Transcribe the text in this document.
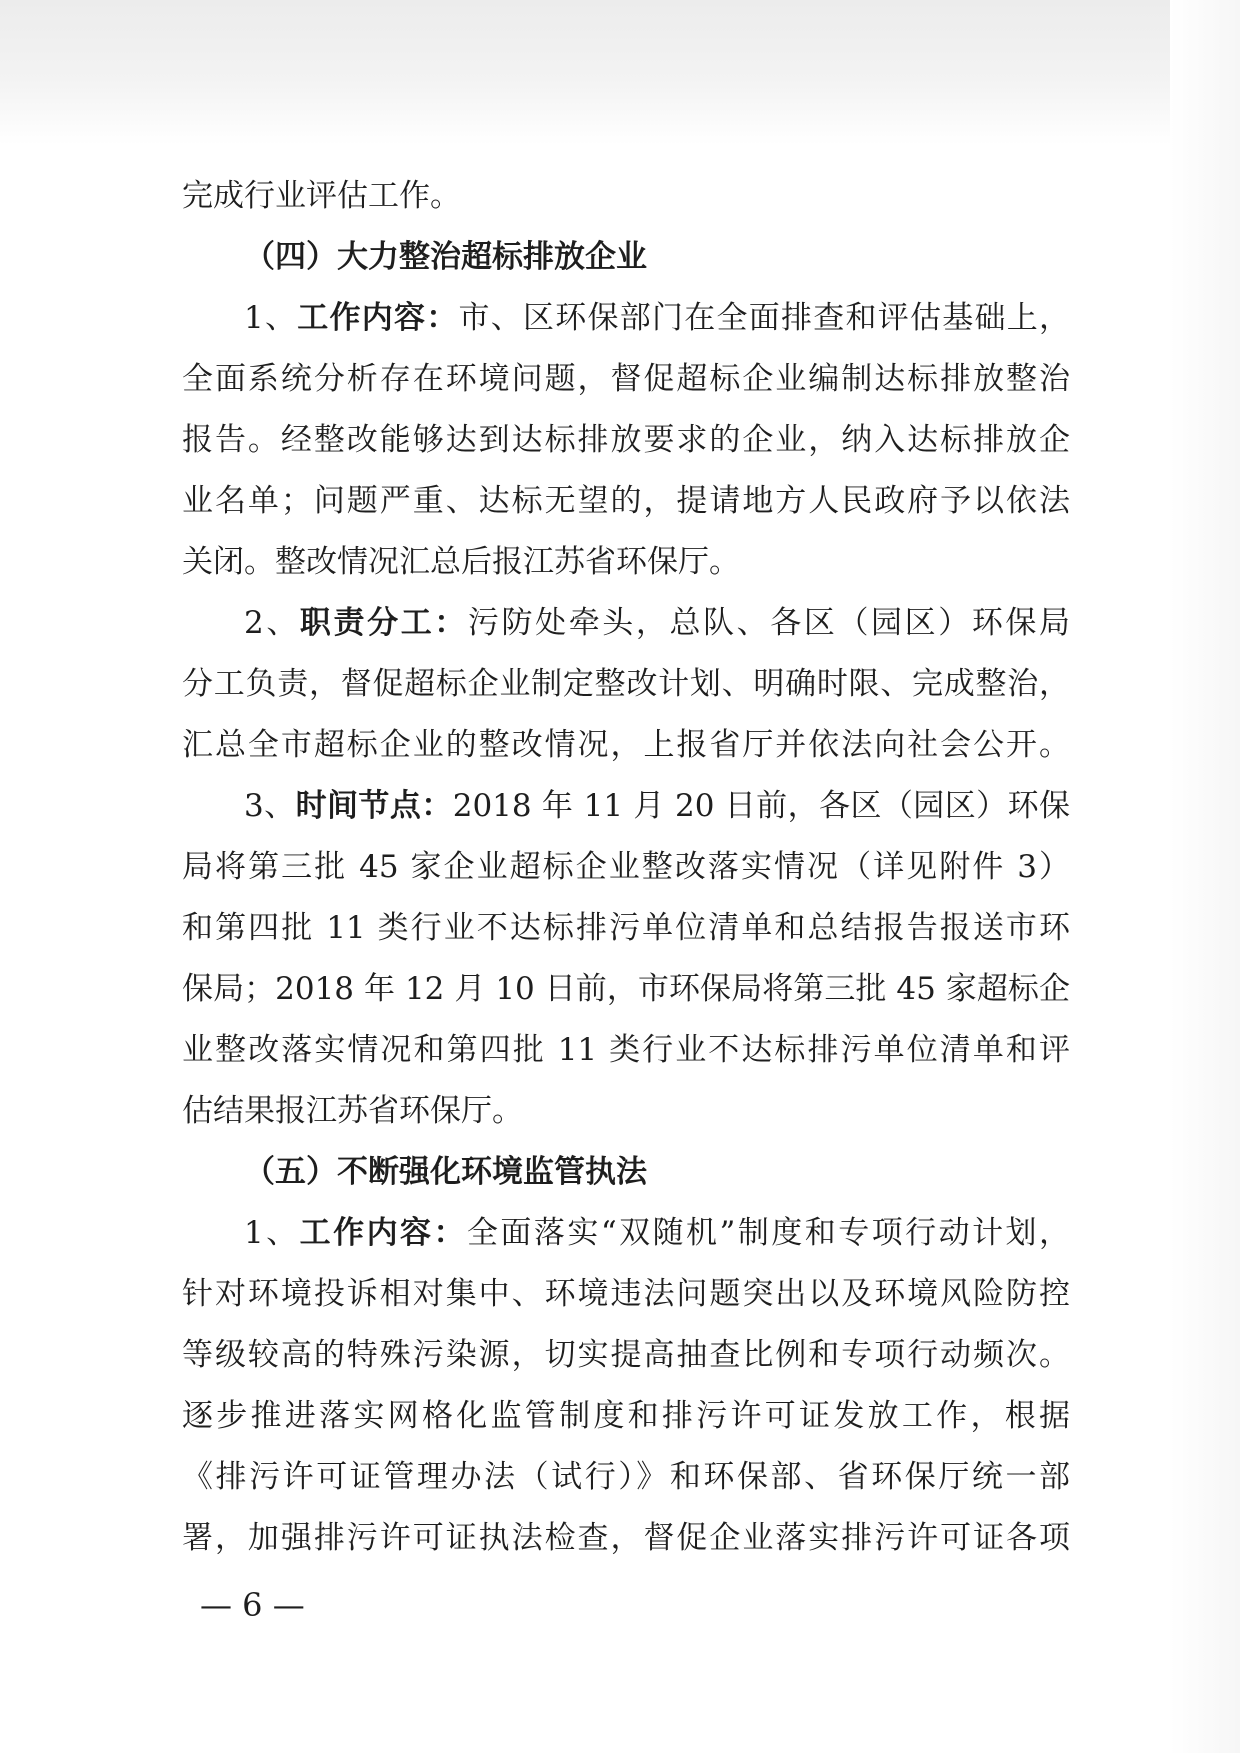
完成行业评估工作。
（四）大力整治超标排放企业
1、工作内容：市、区环保部门在全面排查和评估基础上，
全面系统分析存在环境问题，督促超标企业编制达标排放整治
报告。经整改能够达到达标排放要求的企业，纳入达标排放企
业名单；问题严重、达标无望的，提请地方人民政府予以依法
关闭。整改情况汇总后报江苏省环保厅。
2、职责分工：污防处牵头，总队、各区（园区）环保局
分工负责，督促超标企业制定整改计划、明确时限、完成整治，
汇总全市超标企业的整改情况，上报省厅并依法向社会公开。
3、时间节点：2018 年 11 月 20 日前，各区（园区）环保
局将第三批 45 家企业超标企业整改落实情况（详见附件 3）
和第四批 11 类行业不达标排污单位清单和总结报告报送市环
保局；2018 年 12 月 10 日前，市环保局将第三批 45 家超标企
业整改落实情况和第四批 11 类行业不达标排污单位清单和评
估结果报江苏省环保厅。
（五）不断强化环境监管执法
1、工作内容：全面落实“双随机”制度和专项行动计划，
针对环境投诉相对集中、环境违法问题突出以及环境风险防控
等级较高的特殊污染源，切实提高抽查比例和专项行动频次。
逐步推进落实网格化监管制度和排污许可证发放工作，根据
《排污许可证管理办法（试行）》和环保部、省环保厅统一部
署，加强排污许可证执法检查，督促企业落实排污许可证各项
— 6 —
